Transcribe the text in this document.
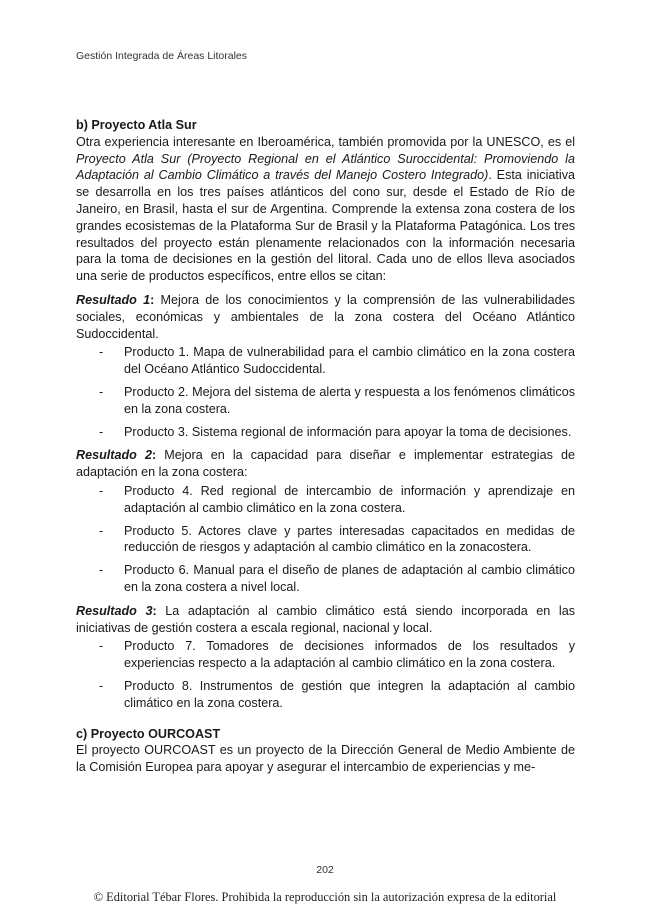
Gestión Integrada de Áreas Litorales

b) Proyecto Atla Sur

Otra experiencia interesante en Iberoamérica, también promovida por la UNESCO, es el Proyecto Atla Sur (Proyecto Regional en el Atlántico Suroccidental: Promoviendo la Adaptación al Cambio Climático a través del Manejo Costero Integrado). Esta iniciativa se desarrolla en los tres países atlánticos del cono sur, desde el Estado de Río de Janeiro, en Brasil, hasta el sur de Argentina. Comprende la extensa zona costera de los grandes ecosistemas de la Plataforma Sur de Brasil y la Plataforma Patagónica. Los tres resultados del proyecto están plenamente relacionados con la información necesaria para la toma de decisiones en la gestión del litoral. Cada uno de ellos lleva asociados una serie de productos específicos, entre ellos se citan:

Resultado 1: Mejora de los conocimientos y la comprensión de las vulnerabilidades sociales, económicas y ambientales de la zona costera del Océano Atlántico Sudoccidental.

- Producto 1. Mapa de vulnerabilidad para el cambio climático en la zona costera del Océano Atlántico Sudoccidental.
- Producto 2. Mejora del sistema de alerta y respuesta a los fenómenos climáticos en la zona costera.
- Producto 3. Sistema regional de información para apoyar la toma de decisiones.

Resultado 2: Mejora en la capacidad para diseñar e implementar estrategias de adaptación en la zona costera:

- Producto 4. Red regional de intercambio de información y aprendizaje en adaptación al cambio climático en la zona costera.
- Producto 5. Actores clave y partes interesadas capacitados en medidas de reducción de riesgos y adaptación al cambio climático en la zonacostera.
- Producto 6. Manual para el diseño de planes de adaptación al cambio climático en la zona costera a nivel local.

Resultado 3: La adaptación al cambio climático está siendo incorporada en las iniciativas de gestión costera a escala regional, nacional y local.

- Producto 7. Tomadores de decisiones informados de los resultados y experiencias respecto a la adaptación al cambio climático en la zona costera.
- Producto 8. Instrumentos de gestión que integren la adaptación al cambio climático en la zona costera.

c) Proyecto OURCOAST

El proyecto OURCOAST es un proyecto de la Dirección General de Medio Ambiente de la Comisión Europea para apoyar y asegurar el intercambio de experiencias y me-

202
© Editorial Tébar Flores. Prohibida la reproducción sin la autorización expresa de la editorial
